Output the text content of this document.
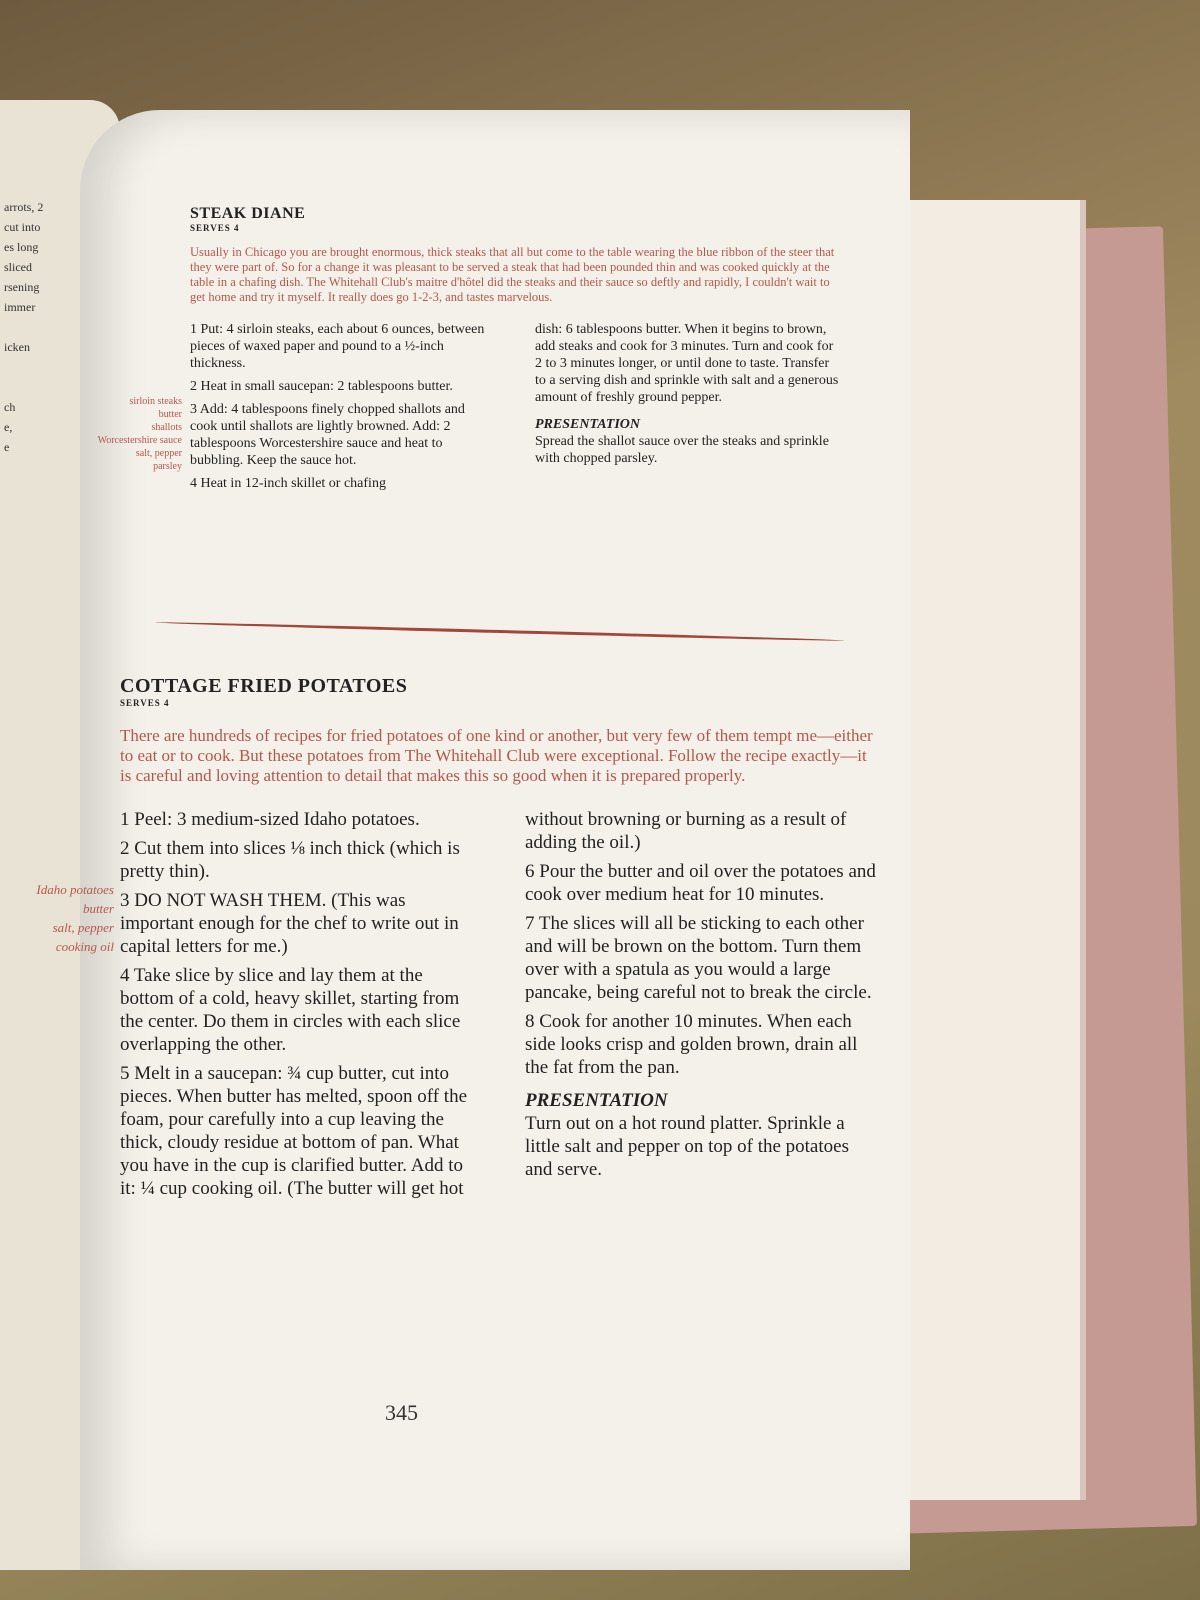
arrots, 2
cut into
es long
sliced
rsening
immer
icken
ch
e,
e
sirloin steaks
butter
shallots
Worcestershire sauce
salt, pepper
parsley
STEAK DIANE
SERVES 4
Usually in Chicago you are brought enormous, thick steaks that all but come to the table wearing the blue ribbon of the steer that they were part of. So for a change it was pleasant to be served a steak that had been pounded thin and was cooked quickly at the table in a chafing dish. The Whitehall Club's maitre d'hôtel did the steaks and their sauce so deftly and rapidly, I couldn't wait to get home and try it myself. It really does go 1-2-3, and tastes marvelous.

1 Put: 4 sirloin steaks, each about 6 ounces, between pieces of waxed paper and pound to a ½-inch thickness.

2 Heat in small saucepan: 2 tablespoons butter.

3 Add: 4 tablespoons finely chopped shallots and cook until shallots are lightly browned. Add: 2 tablespoons Worcestershire sauce and heat to bubbling. Keep the sauce hot.

4 Heat in 12-inch skillet or chafing

dish: 6 tablespoons butter. When it begins to brown, add steaks and cook for 3 minutes. Turn and cook for 2 to 3 minutes longer, or until done to taste. Transfer to a serving dish and sprinkle with salt and a generous amount of freshly ground pepper.

PRESENTATION

Spread the shallot sauce over the steaks and sprinkle with chopped parsley.

Idaho potatoes
butter
salt, pepper
cooking oil
COTTAGE FRIED POTATOES
SERVES 4
There are hundreds of recipes for fried potatoes of one kind or another, but very few of them tempt me—either to eat or to cook. But these potatoes from The Whitehall Club were exceptional. Follow the recipe exactly—it is careful and loving attention to detail that makes this so good when it is prepared properly.

1 Peel: 3 medium-sized Idaho potatoes.

2 Cut them into slices ⅛ inch thick (which is pretty thin).

3 DO NOT WASH THEM. (This was important enough for the chef to write out in capital letters for me.)

4 Take slice by slice and lay them at the bottom of a cold, heavy skillet, starting from the center. Do them in circles with each slice overlapping the other.

5 Melt in a saucepan: ¾ cup butter, cut into pieces. When butter has melted, spoon off the foam, pour carefully into a cup leaving the thick, cloudy residue at bottom of pan. What you have in the cup is clarified butter. Add to it: ¼ cup cooking oil. (The butter will get hot

without browning or burning as a result of adding the oil.)

6 Pour the butter and oil over the potatoes and cook over medium heat for 10 minutes.

7 The slices will all be sticking to each other and will be brown on the bottom. Turn them over with a spatula as you would a large pancake, being careful not to break the circle.

8 Cook for another 10 minutes. When each side looks crisp and golden brown, drain all the fat from the pan.

PRESENTATION

Turn out on a hot round platter. Sprinkle a little salt and pepper on top of the potatoes and serve.

345
